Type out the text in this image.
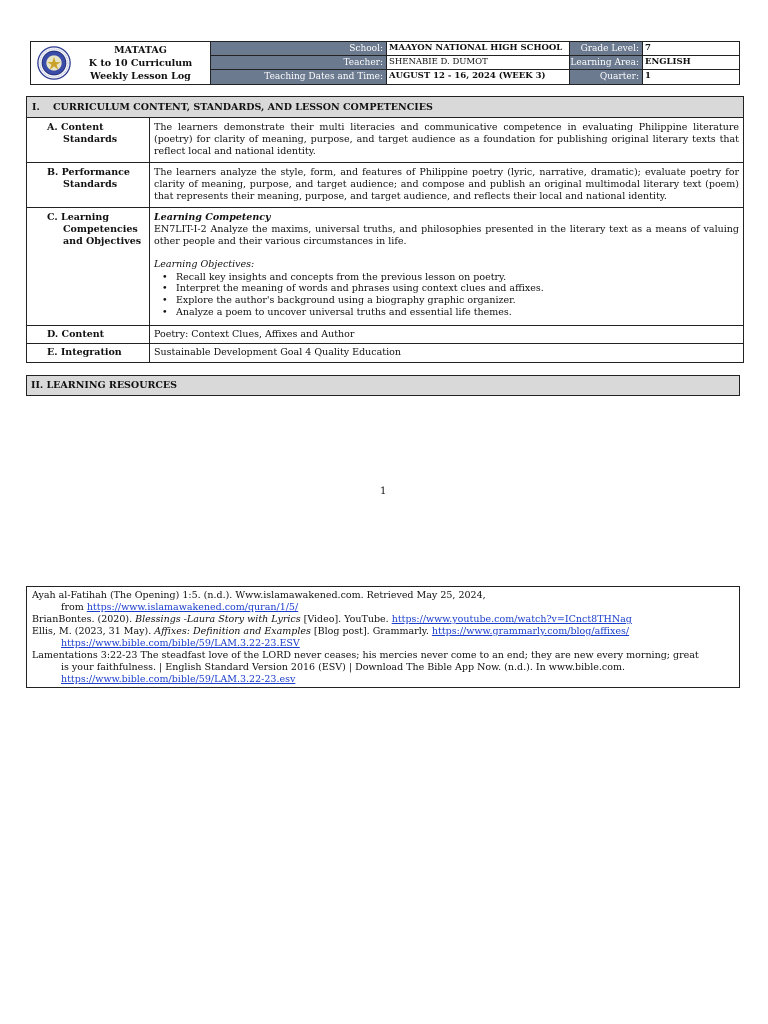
MATATAG
K to 10 Curriculum
Weekly Lesson Log
School:
Teacher:
Teaching Dates and Time:
MAAYON NATIONAL HIGH SCHOOL
SHENABIE D. DUMOT
AUGUST 12 - 16, 2024 (WEEK 3)
Grade Level:
Learning Area:
Quarter:
7
ENGLISH
1
I.    CURRICULUM CONTENT, STANDARDS, AND LESSON COMPETENCIES
A. Content
Standards
The learners demonstrate their multi literacies and communicative competence in evaluating Philippine literature (poetry) for clarity of meaning, purpose, and target audience as a foundation for publishing original literary texts that reflect local and national identity.
B. Performance
Standards
The learners analyze the style, form, and features of Philippine poetry (lyric, narrative, dramatic); evaluate poetry for clarity of meaning, purpose, and target audience; and compose and publish an original multimodal literary text (poem) that represents their meaning, purpose, and target audience, and reflects their local and national identity.
C. Learning
Competencies
and Objectives
Learning Competency
EN7LIT-I-2 Analyze the maxims, universal truths, and philosophies presented in the literary text as a means of valuing other people and their various circumstances in life.
Learning Objectives:
• Recall key insights and concepts from the previous lesson on poetry.
• Interpret the meaning of words and phrases using context clues and affixes.
• Explore the author's background using a biography graphic organizer.
• Analyze a poem to uncover universal truths and essential life themes.
D. Content	Poetry: Context Clues, Affixes and Author
E. Integration	Sustainable Development Goal 4 Quality Education
II. LEARNING RESOURCES
1
Ayah al-Fatihah (The Opening) 1:5. (n.d.). Www.islamawakened.com. Retrieved May 25, 2024,
from https://www.islamawakened.com/quran/1/5/
BrianBontes. (2020). Blessings -Laura Story with Lyrics [Video]. YouTube. https://www.youtube.com/watch?v=ICnct8THNag
Ellis, M. (2023, 31 May). Affixes: Definition and Examples [Blog post]. Grammarly. https://www.grammarly.com/blog/affixes/
https://www.bible.com/bible/59/LAM.3.22-23.ESV
Lamentations 3:22-23 The steadfast love of the LORD never ceases; his mercies never come to an end; they are new every morning; great
is your faithfulness. | English Standard Version 2016 (ESV) | Download The Bible App Now. (n.d.). In www.bible.com.
https://www.bible.com/bible/59/LAM.3.22-23.esv
